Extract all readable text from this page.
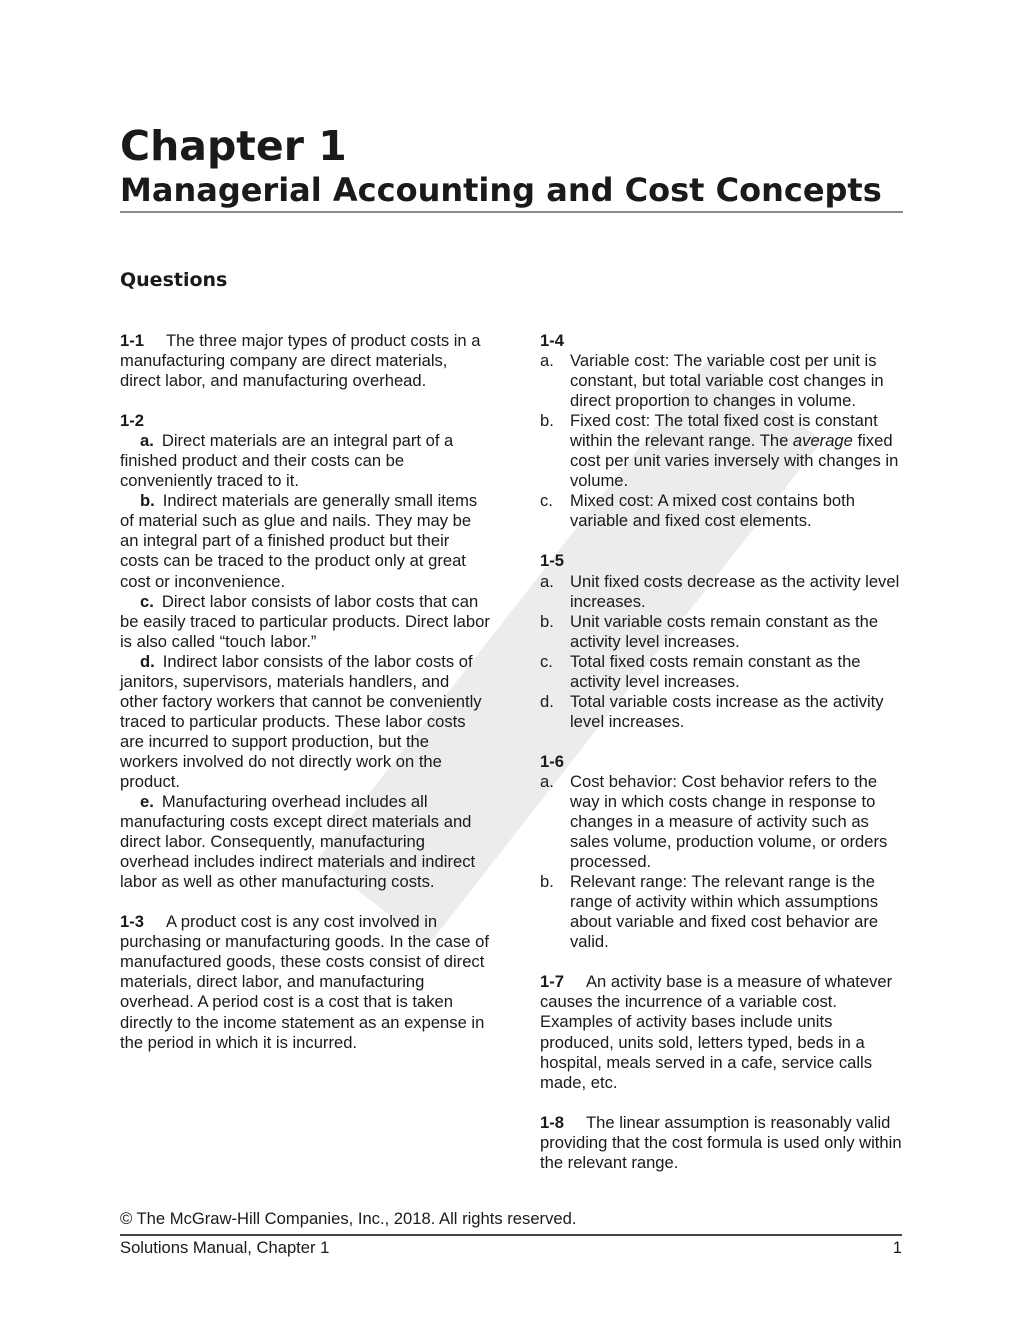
Chapter 1
Managerial Accounting and Cost Concepts
Questions

1-1 The three major types of product costs in a manufacturing company are direct materials, direct labor, and manufacturing overhead.

1-2

a. Direct materials are an integral part of a finished product and their costs can be conveniently traced to it.

b. Indirect materials are generally small items of material such as glue and nails. They may be an integral part of a finished product but their costs can be traced to the product only at great cost or inconvenience.

c. Direct labor consists of labor costs that can be easily traced to particular products. Direct labor is also called “touch labor.”

d. Indirect labor consists of the labor costs of janitors, supervisors, materials handlers, and other factory workers that cannot be conveniently traced to particular products. These labor costs are incurred to support production, but the workers involved do not directly work on the product.

e. Manufacturing overhead includes all manufacturing costs except direct materials and direct labor. Consequently, manufacturing overhead includes indirect materials and indirect labor as well as other manufacturing costs.

1-3 A product cost is any cost involved in purchasing or manufacturing goods. In the case of manufactured goods, these costs consist of direct materials, direct labor, and manufacturing overhead. A period cost is a cost that is taken directly to the income statement as an expense in the period in which it is incurred.

1-4

a. Variable cost: The variable cost per unit is constant, but total variable cost changes in direct proportion to changes in volume.

b. Fixed cost: The total fixed cost is constant within the relevant range. The average fixed cost per unit varies inversely with changes in volume.

c. Mixed cost: A mixed cost contains both variable and fixed cost elements.

1-5

a. Unit fixed costs decrease as the activity level increases.

b. Unit variable costs remain constant as the activity level increases.

c. Total fixed costs remain constant as the activity level increases.

d. Total variable costs increase as the activity level increases.

1-6

a. Cost behavior: Cost behavior refers to the way in which costs change in response to changes in a measure of activity such as sales volume, production volume, or orders processed.

b. Relevant range: The relevant range is the range of activity within which assumptions about variable and fixed cost behavior are valid.

1-7 An activity base is a measure of whatever causes the incurrence of a variable cost. Examples of activity bases include units produced, units sold, letters typed, beds in a hospital, meals served in a cafe, service calls made, etc.

1-8 The linear assumption is reasonably valid providing that the cost formula is used only within the relevant range.

© The McGraw-Hill Companies, Inc., 2018. All rights reserved.
Solutions Manual, Chapter 1	1
